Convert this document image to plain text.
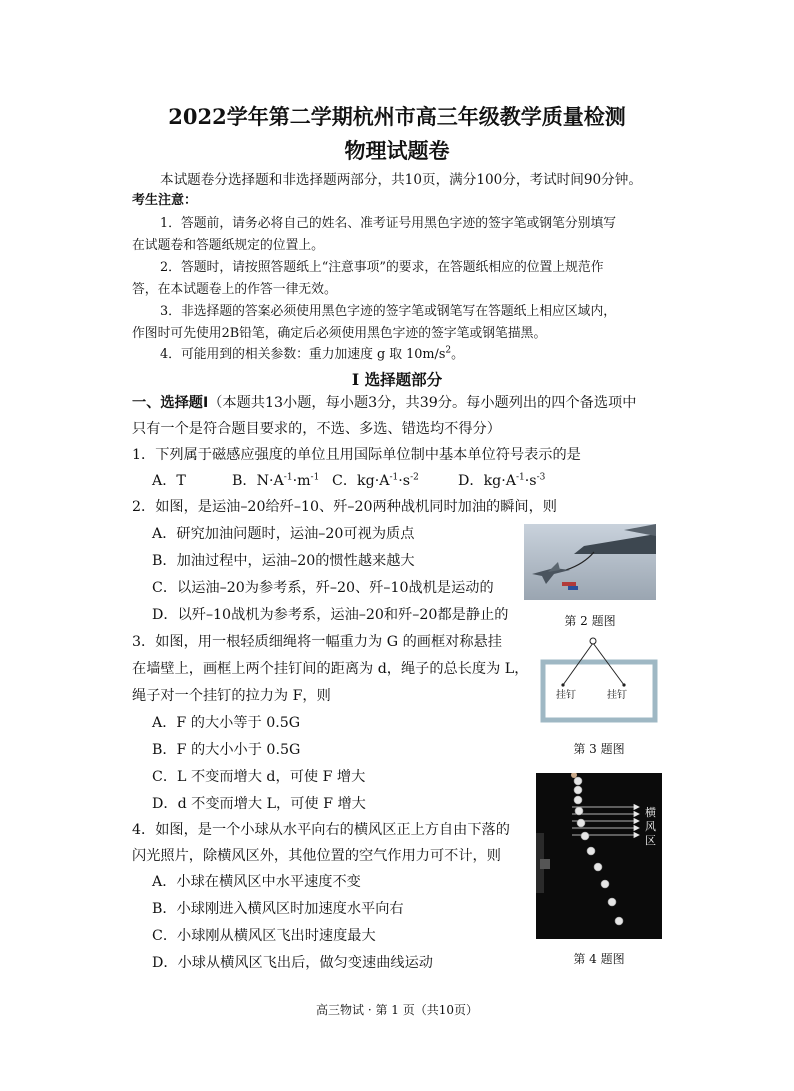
2022学年第二学期杭州市高三年级教学质量检测
物理试题卷
本试题卷分选择题和非选择题两部分，共10页，满分100分，考试时间90分钟。
考生注意：
1．答题前，请务必将自己的姓名、准考证号用黑色字迹的签字笔或钢笔分别填写
在试题卷和答题纸规定的位置上。
2．答题时，请按照答题纸上“注意事项”的要求，在答题纸相应的位置上规范作
答，在本试题卷上的作答一律无效。
3．非选择题的答案必须使用黑色字迹的签字笔或钢笔写在答题纸上相应区域内，
作图时可先使用2B铅笔，确定后必须使用黑色字迹的签字笔或钢笔描黑。
4．可能用到的相关参数：重力加速度 g 取 $10m/s^2$。
Ⅰ 选择题部分
一、选择题Ⅰ（本题共13小题，每小题3分，共39分。每小题列出的四个备选项中
只有一个是符合题目要求的，不选、多选、错选均不得分）
1．下列属于磁感应强度的单位且用国际单位制中基本单位符号表示的是
A．T	B．$N\cdot A^{-1}\cdot m^{-1}$ C．$kg\cdot A^{-1}\cdot s^{-2}$	D．$kg\cdot A^{-1}\cdot s^{-3}$
2．如图，是运油–20给歼–10、歼–20两种战机同时加油的瞬间，则
A．研究加油问题时，运油–20可视为质点
B．加油过程中，运油–20的惯性越来越大
C．以运油–20为参考系，歼–20、歼–10战机是运动的
D．以歼–10战机为参考系，运油–20和歼–20都是静止的	第 2 题图
3．如图，用一根轻质细绳将一幅重力为 G 的画框对称悬挂
在墙壁上，画框上两个挂钉间的距离为 d，绳子的总长度为 L，
绳子对一个挂钉的拉力为 F，则
A．F 的大小等于 0.5G
B．F 的大小小于 0.5G
C．L 不变而增大 d，可使 F 增大
D．d 不变而增大 L，可使 F 增大
挂钉	挂钉
第 3 题图
4．如图，是一个小球从水平向右的横风区正上方自由下落的
闪光照片，除横风区外，其他位置的空气作用力可不计，则
A．小球在横风区中水平速度不变
B．小球刚进入横风区时加速度水平向右
C．小球刚从横风区飞出时速度最大
D．小球从横风区飞出后，做匀变速曲线运动
横
风
区
第 4 题图
高三物试 · 第 1 页（共10页）
